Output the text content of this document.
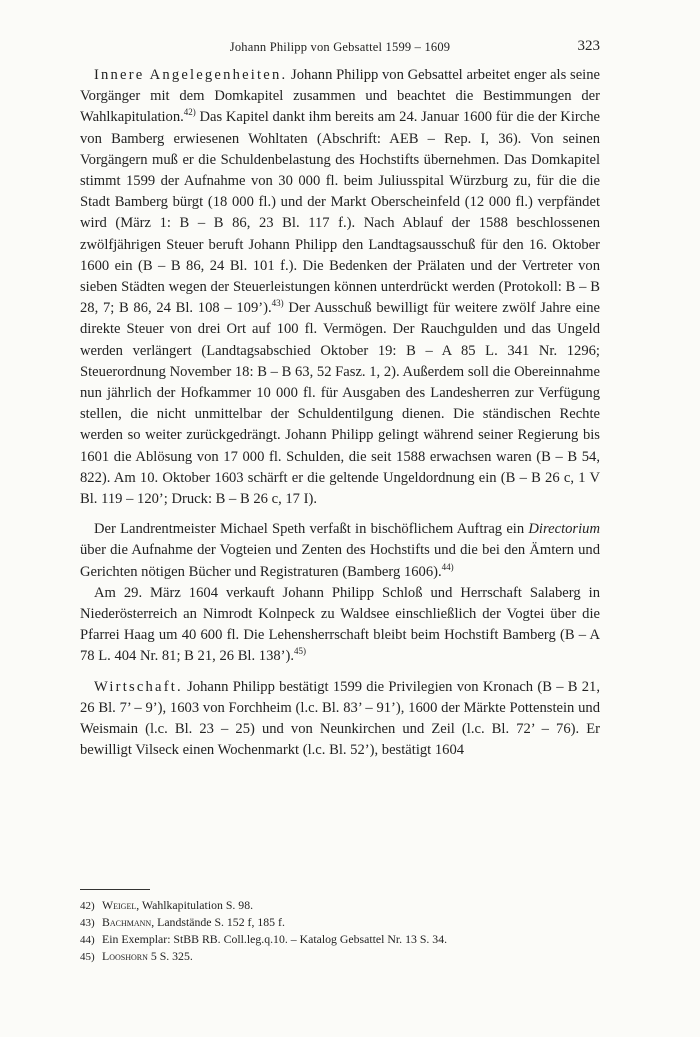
Johann Philipp von Gebsattel 1599 – 1609	323

Innere Angelegenheiten. Johann Philipp von Gebsattel arbeitet enger als seine Vorgänger mit dem Domkapitel zusammen und beachtet die Bestimmungen der Wahlkapitulation.$^{42)}$ Das Kapitel dankt ihm bereits am 24. Januar 1600 für die der Kirche von Bamberg erwiesenen Wohltaten (Abschrift: AEB – Rep. I, 36). Von seinen Vorgängern muß er die Schuldenbelastung des Hochstifts übernehmen. Das Domkapitel stimmt 1599 der Aufnahme von 30 000 fl. beim Juliusspital Würzburg zu, für die die Stadt Bamberg bürgt (18 000 fl.) und der Markt Oberscheinfeld (12 000 fl.) verpfändet wird (März 1: B – B 86, 23 Bl. 117 f.). Nach Ablauf der 1588 beschlossenen zwölfjährigen Steuer beruft Johann Philipp den Landtagsausschuß für den 16. Oktober 1600 ein (B – B 86, 24 Bl. 101 f.). Die Bedenken der Prälaten und der Vertreter von sieben Städten wegen der Steuerleistungen können unterdrückt werden (Protokoll: B – B 28, 7; B 86, 24 Bl. 108 – 109’).$^{43)}$ Der Ausschuß bewilligt für weitere zwölf Jahre eine direkte Steuer von drei Ort auf 100 fl. Vermögen. Der Rauchgulden und das Ungeld werden verlängert (Landtagsabschied Oktober 19: B – A 85 L. 341 Nr. 1296; Steuerordnung November 18: B – B 63, 52 Fasz. 1, 2). Außerdem soll die Obereinnahme nun jährlich der Hofkammer 10 000 fl. für Ausgaben des Landesherren zur Verfügung stellen, die nicht unmittelbar der Schuldentilgung dienen. Die ständischen Rechte werden so weiter zurückgedrängt. Johann Philipp gelingt während seiner Regierung bis 1601 die Ablösung von 17 000 fl. Schulden, die seit 1588 erwachsen waren (B – B 54, 822). Am 10. Oktober 1603 schärft er die geltende Ungeldordnung ein (B – B 26 c, 1 V Bl. 119 – 120’; Druck: B – B 26 c, 17 I).

Der Landrentmeister Michael Speth verfaßt in bischöflichem Auftrag ein Directorium über die Aufnahme der Vogteien und Zenten des Hochstifts und die bei den Ämtern und Gerichten nötigen Bücher und Registraturen (Bamberg 1606).$^{44)}$

Am 29. März 1604 verkauft Johann Philipp Schloß und Herrschaft Salaberg in Niederösterreich an Nimrodt Kolnpeck zu Waldsee einschließlich der Vogtei über die Pfarrei Haag um 40 600 fl. Die Lehensherrschaft bleibt beim Hochstift Bamberg (B – A 78 L. 404 Nr. 81; B 21, 26 Bl. 138’).$^{45)}$

Wirtschaft. Johann Philipp bestätigt 1599 die Privilegien von Kronach (B – B 21, 26 Bl. 7’ – 9’), 1603 von Forchheim (l.c. Bl. 83’ – 91’), 1600 der Märkte Pottenstein und Weismain (l.c. Bl. 23 – 25) und von Neunkirchen und Zeil (l.c. Bl. 72’ – 76). Er bewilligt Vilseck einen Wochenmarkt (l.c. Bl. 52’), bestätigt 1604

42) Weigel, Wahlkapitulation S. 98.

43) Bachmann, Landstände S. 152 f, 185 f.

44) Ein Exemplar: StBB RB. Coll.leg.q.10. – Katalog Gebsattel Nr. 13 S. 34.

45) Looshorn 5 S. 325.
